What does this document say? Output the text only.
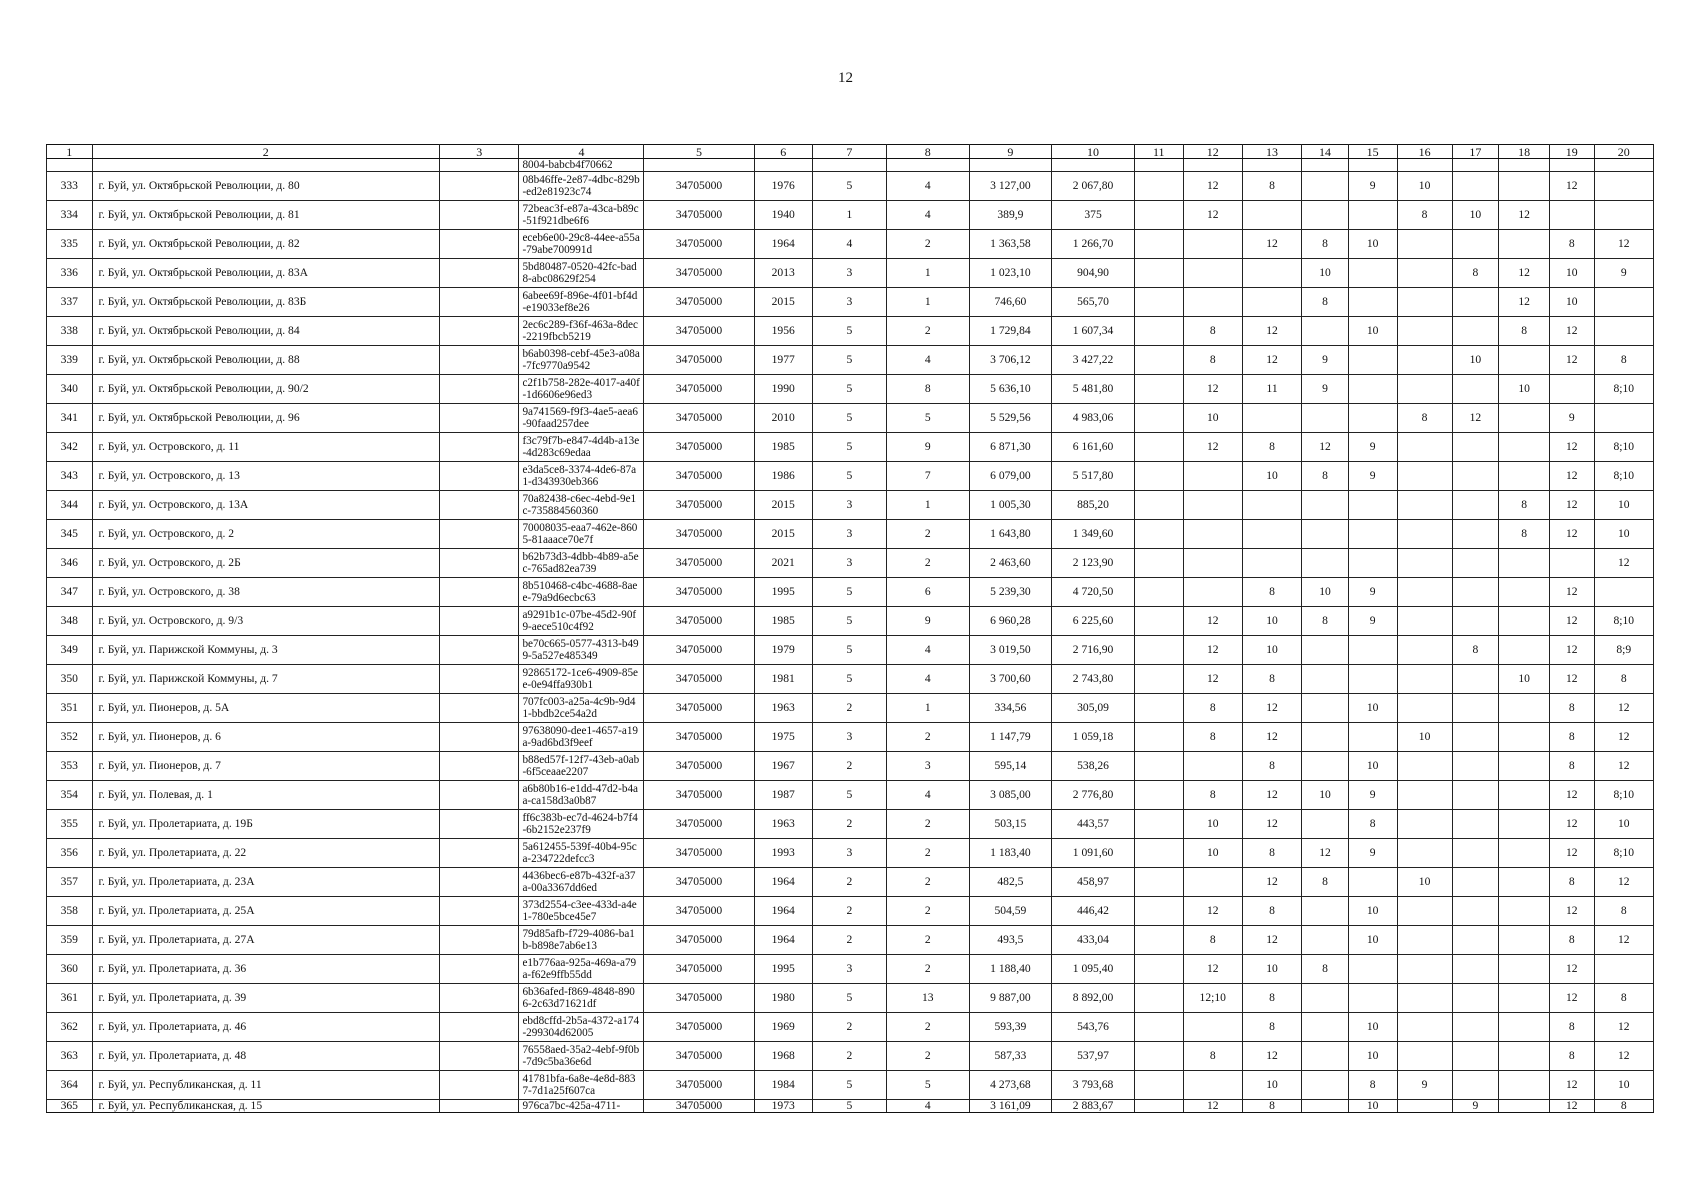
12
1	2	3	4	5	6	7	8	9	10	11	12	13	14	15	16	17	18	19	20
			8004-babcb4f70662																
333	г. Буй, ул. Октябрьской Революции, д. 80		08b46ffe-2e87-4dbc-829b-ed2e81923c74	34705000	1976	5	4	3 127,00	2 067,80		12	8		9	10			12	
334	г. Буй, ул. Октябрьской Революции, д. 81		72beac3f-e87a-43ca-b89c-51f921dbe6f6	34705000	1940	1	4	389,9	375		12				8	10	12		
335	г. Буй, ул. Октябрьской Революции, д. 82		eceb6e00-29c8-44ee-a55a-79abe700991d	34705000	1964	4	2	1 363,58	1 266,70			12	8	10				8	12
336	г. Буй, ул. Октябрьской Революции, д. 83А		5bd80487-0520-42fc-bad8-abc08629f254	34705000	2013	3	1	1 023,10	904,90				10			8	12	10	9
337	г. Буй, ул. Октябрьской Революции, д. 83Б		6abee69f-896e-4f01-bf4d-e19033ef8e26	34705000	2015	3	1	746,60	565,70				8				12	10	
338	г. Буй, ул. Октябрьской Революции, д. 84		2ec6c289-f36f-463a-8dec-2219fbcb5219	34705000	1956	5	2	1 729,84	1 607,34		8	12		10			8	12	
339	г. Буй, ул. Октябрьской Революции, д. 88		b6ab0398-cebf-45e3-a08a-7fc9770a9542	34705000	1977	5	4	3 706,12	3 427,22		8	12	9			10		12	8
340	г. Буй, ул. Октябрьской Революции, д. 90/2		c2f1b758-282e-4017-a40f-1d6606e96ed3	34705000	1990	5	8	5 636,10	5 481,80		12	11	9				10		8;10
341	г. Буй, ул. Октябрьской Революции, д. 96		9a741569-f9f3-4ae5-aea6-90faad257dee	34705000	2010	5	5	5 529,56	4 983,06		10				8	12		9	
342	г. Буй, ул. Островского, д. 11		f3c79f7b-e847-4d4b-a13e-4d283c69edaa	34705000	1985	5	9	6 871,30	6 161,60		12	8	12	9				12	8;10
343	г. Буй, ул. Островского, д. 13		e3da5ce8-3374-4de6-87a1-d343930eb366	34705000	1986	5	7	6 079,00	5 517,80			10	8	9				12	8;10
344	г. Буй, ул. Островского, д. 13А		70a82438-c6ec-4ebd-9e1c-735884560360	34705000	2015	3	1	1 005,30	885,20								8	12	10
345	г. Буй, ул. Островского, д. 2		70008035-eaa7-462e-8605-81aaace70e7f	34705000	2015	3	2	1 643,80	1 349,60								8	12	10
346	г. Буй, ул. Островского, д. 2Б		b62b73d3-4dbb-4b89-a5ec-765ad82ea739	34705000	2021	3	2	2 463,60	2 123,90										12
347	г. Буй, ул. Островского, д. 38		8b510468-c4bc-4688-8aee-79a9d6ecbc63	34705000	1995	5	6	5 239,30	4 720,50			8	10	9				12	
348	г. Буй, ул. Островского, д. 9/3		a9291b1c-07be-45d2-90f9-aece510c4f92	34705000	1985	5	9	6 960,28	6 225,60		12	10	8	9				12	8;10
349	г. Буй, ул. Парижской Коммуны, д. 3		be70c665-0577-4313-b499-5a527e485349	34705000	1979	5	4	3 019,50	2 716,90		12	10				8		12	8;9
350	г. Буй, ул. Парижской Коммуны, д. 7		92865172-1ce6-4909-85ee-0e94ffa930b1	34705000	1981	5	4	3 700,60	2 743,80		12	8					10	12	8
351	г. Буй, ул. Пионеров, д. 5А		707fc003-a25a-4c9b-9d41-bbdb2ce54a2d	34705000	1963	2	1	334,56	305,09		8	12		10				8	12
352	г. Буй, ул. Пионеров, д. 6		97638090-dee1-4657-a19a-9ad6bd3f9eef	34705000	1975	3	2	1 147,79	1 059,18		8	12			10			8	12
353	г. Буй, ул. Пионеров, д. 7		b88ed57f-12f7-43eb-a0ab-6f5ceaae2207	34705000	1967	2	3	595,14	538,26			8		10				8	12
354	г. Буй, ул. Полевая, д. 1		a6b80b16-e1dd-47d2-b4aa-ca158d3a0b87	34705000	1987	5	4	3 085,00	2 776,80		8	12	10	9				12	8;10
355	г. Буй, ул. Пролетариата, д. 19Б		ff6c383b-ec7d-4624-b7f4-6b2152e237f9	34705000	1963	2	2	503,15	443,57		10	12		8				12	10
356	г. Буй, ул. Пролетариата, д. 22		5a612455-539f-40b4-95ca-234722defcc3	34705000	1993	3	2	1 183,40	1 091,60		10	8	12	9				12	8;10
357	г. Буй, ул. Пролетариата, д. 23А		4436bec6-e87b-432f-a37a-00a3367dd6ed	34705000	1964	2	2	482,5	458,97			12	8		10			8	12
358	г. Буй, ул. Пролетариата, д. 25А		373d2554-c3ee-433d-a4e1-780e5bce45e7	34705000	1964	2	2	504,59	446,42		12	8		10				12	8
359	г. Буй, ул. Пролетариата, д. 27А		79d85afb-f729-4086-ba1b-b898e7ab6e13	34705000	1964	2	2	493,5	433,04		8	12		10				8	12
360	г. Буй, ул. Пролетариата, д. 36		e1b776aa-925a-469a-a79a-f62e9ffb55dd	34705000	1995	3	2	1 188,40	1 095,40		12	10	8					12	
361	г. Буй, ул. Пролетариата, д. 39		6b36afed-f869-4848-8906-2c63d71621df	34705000	1980	5	13	9 887,00	8 892,00		12;10	8						12	8
362	г. Буй, ул. Пролетариата, д. 46		ebd8cffd-2b5a-4372-a174-299304d62005	34705000	1969	2	2	593,39	543,76			8		10				8	12
363	г. Буй, ул. Пролетариата, д. 48		76558aed-35a2-4ebf-9f0b-7d9c5ba36e6d	34705000	1968	2	2	587,33	537,97		8	12		10				8	12
364	г. Буй, ул. Республиканская, д. 11		41781bfa-6a8e-4e8d-8837-7d1a25f607ca	34705000	1984	5	5	4 273,68	3 793,68			10		8	9			12	10
365	г. Буй, ул. Республиканская, д. 15		976ca7bc-425a-4711-	34705000	1973	5	4	3 161,09	2 883,67		12	8		10		9		12	8
